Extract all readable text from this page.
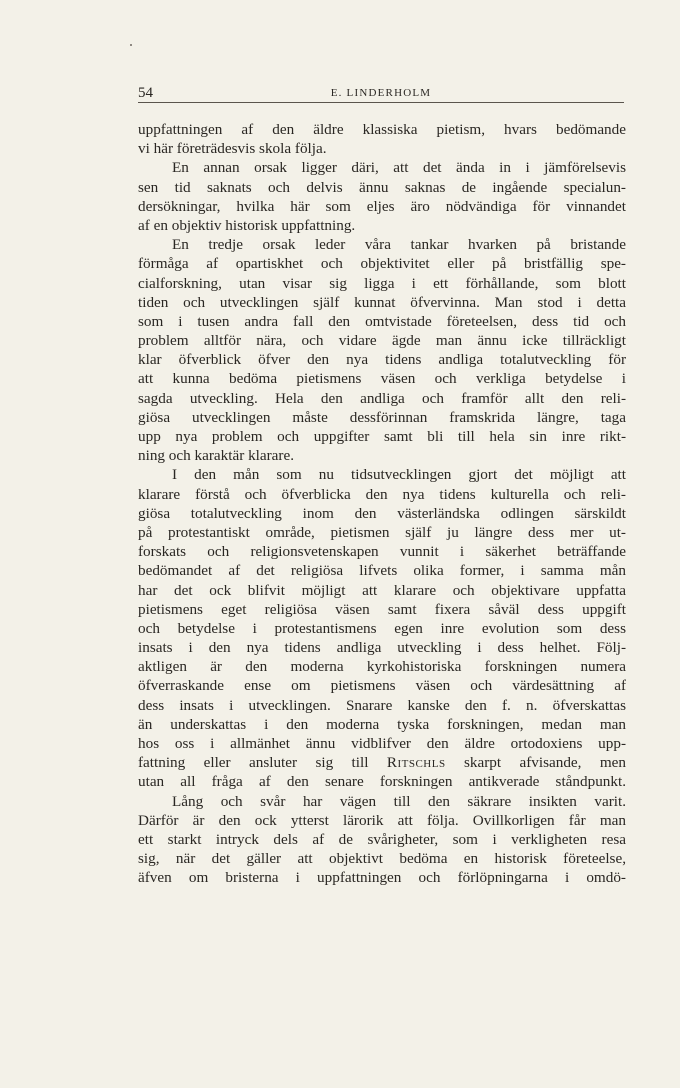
54	E. LINDERHOLM
uppfattningen af den äldre klassiska pietism, hvars bedömande
vi här företrädesvis skola följa.
En annan orsak ligger däri, att det ända in i jämförelsevis
sen tid saknats och delvis ännu saknas de ingående specialun-
dersökningar, hvilka här som eljes äro nödvändiga för vinnandet
af en objektiv historisk uppfattning.
En tredje orsak leder våra tankar hvarken på bristande
förmåga af opartiskhet och objektivitet eller på bristfällig spe-
cialforskning, utan visar sig ligga i ett förhållande, som blott
tiden och utvecklingen själf kunnat öfvervinna. Man stod i detta
som i tusen andra fall den omtvistade företeelsen, dess tid och
problem alltför nära, och vidare ägde man ännu icke tillräckligt
klar öfverblick öfver den nya tidens andliga totalutveckling för
att kunna bedöma pietismens väsen och verkliga betydelse i
sagda utveckling. Hela den andliga och framför allt den reli-
giösa utvecklingen måste dessförinnan framskrida längre, taga
upp nya problem och uppgifter samt bli till hela sin inre rikt-
ning och karaktär klarare.
I den mån som nu tidsutvecklingen gjort det möjligt att
klarare förstå och öfverblicka den nya tidens kulturella och reli-
giösa totalutveckling inom den västerländska odlingen särskildt
på protestantiskt område, pietismen själf ju längre dess mer ut-
forskats och religionsvetenskapen vunnit i säkerhet beträffande
bedömandet af det religiösa lifvets olika former, i samma mån
har det ock blifvit möjligt att klarare och objektivare uppfatta
pietismens eget religiösa väsen samt fixera såväl dess uppgift
och betydelse i protestantismens egen inre evolution som dess
insats i den nya tidens andliga utveckling i dess helhet. Följ-
aktligen är den moderna kyrkohistoriska forskningen numera
öfverraskande ense om pietismens väsen och värdesättning af
dess insats i utvecklingen. Snarare kanske den f. n. öfverskattas
än underskattas i den moderna tyska forskningen, medan man
hos oss i allmänhet ännu vidblifver den äldre ortodoxiens upp-
fattning eller ansluter sig till Ritschls skarpt afvisande, men
utan all fråga af den senare forskningen antikverade ståndpunkt.
Lång och svår har vägen till den säkrare insikten varit.
Därför är den ock ytterst lärorik att följa. Ovillkorligen får man
ett starkt intryck dels af de svårigheter, som i verkligheten resa
sig, när det gäller att objektivt bedöma en historisk företeelse,
äfven om bristerna i uppfattningen och förlöpningarna i omdö-
